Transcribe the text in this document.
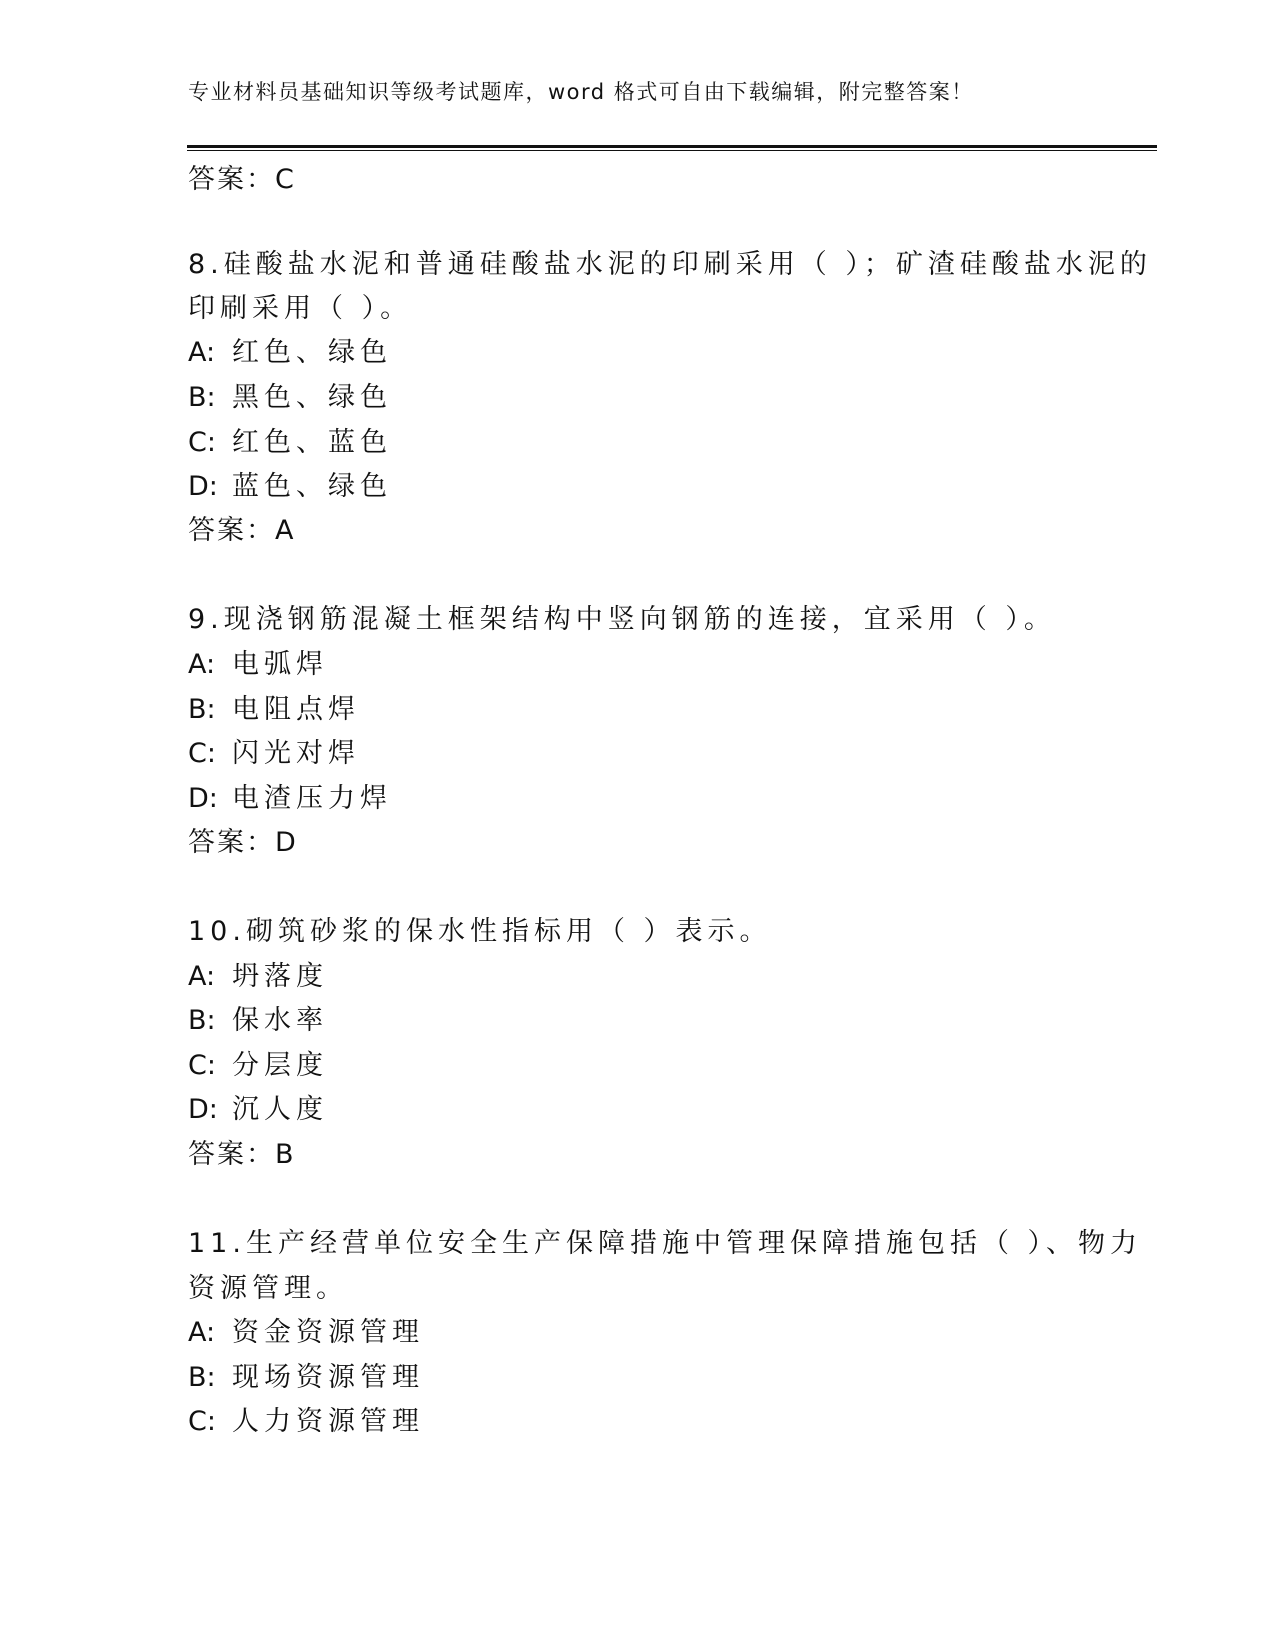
专业材料员基础知识等级考试题库，word 格式可自由下载编辑，附完整答案！
答案：C
8.硅酸盐水泥和普通硅酸盐水泥的印刷采用（ ）；矿渣硅酸盐水泥的
印刷采用（ ）。
A: 红色、绿色
B: 黑色、绿色
C: 红色、蓝色
D: 蓝色、绿色
答案：A
9.现浇钢筋混凝土框架结构中竖向钢筋的连接，宜采用（ ）。
A: 电弧焊
B: 电阻点焊
C: 闪光对焊
D: 电渣压力焊
答案：D
10.砌筑砂浆的保水性指标用（ ）表示。
A: 坍落度
B: 保水率
C: 分层度
D: 沉人度
答案：B
11.生产经营单位安全生产保障措施中管理保障措施包括（ ）、物力
资源管理。
A: 资金资源管理
B: 现场资源管理
C: 人力资源管理
